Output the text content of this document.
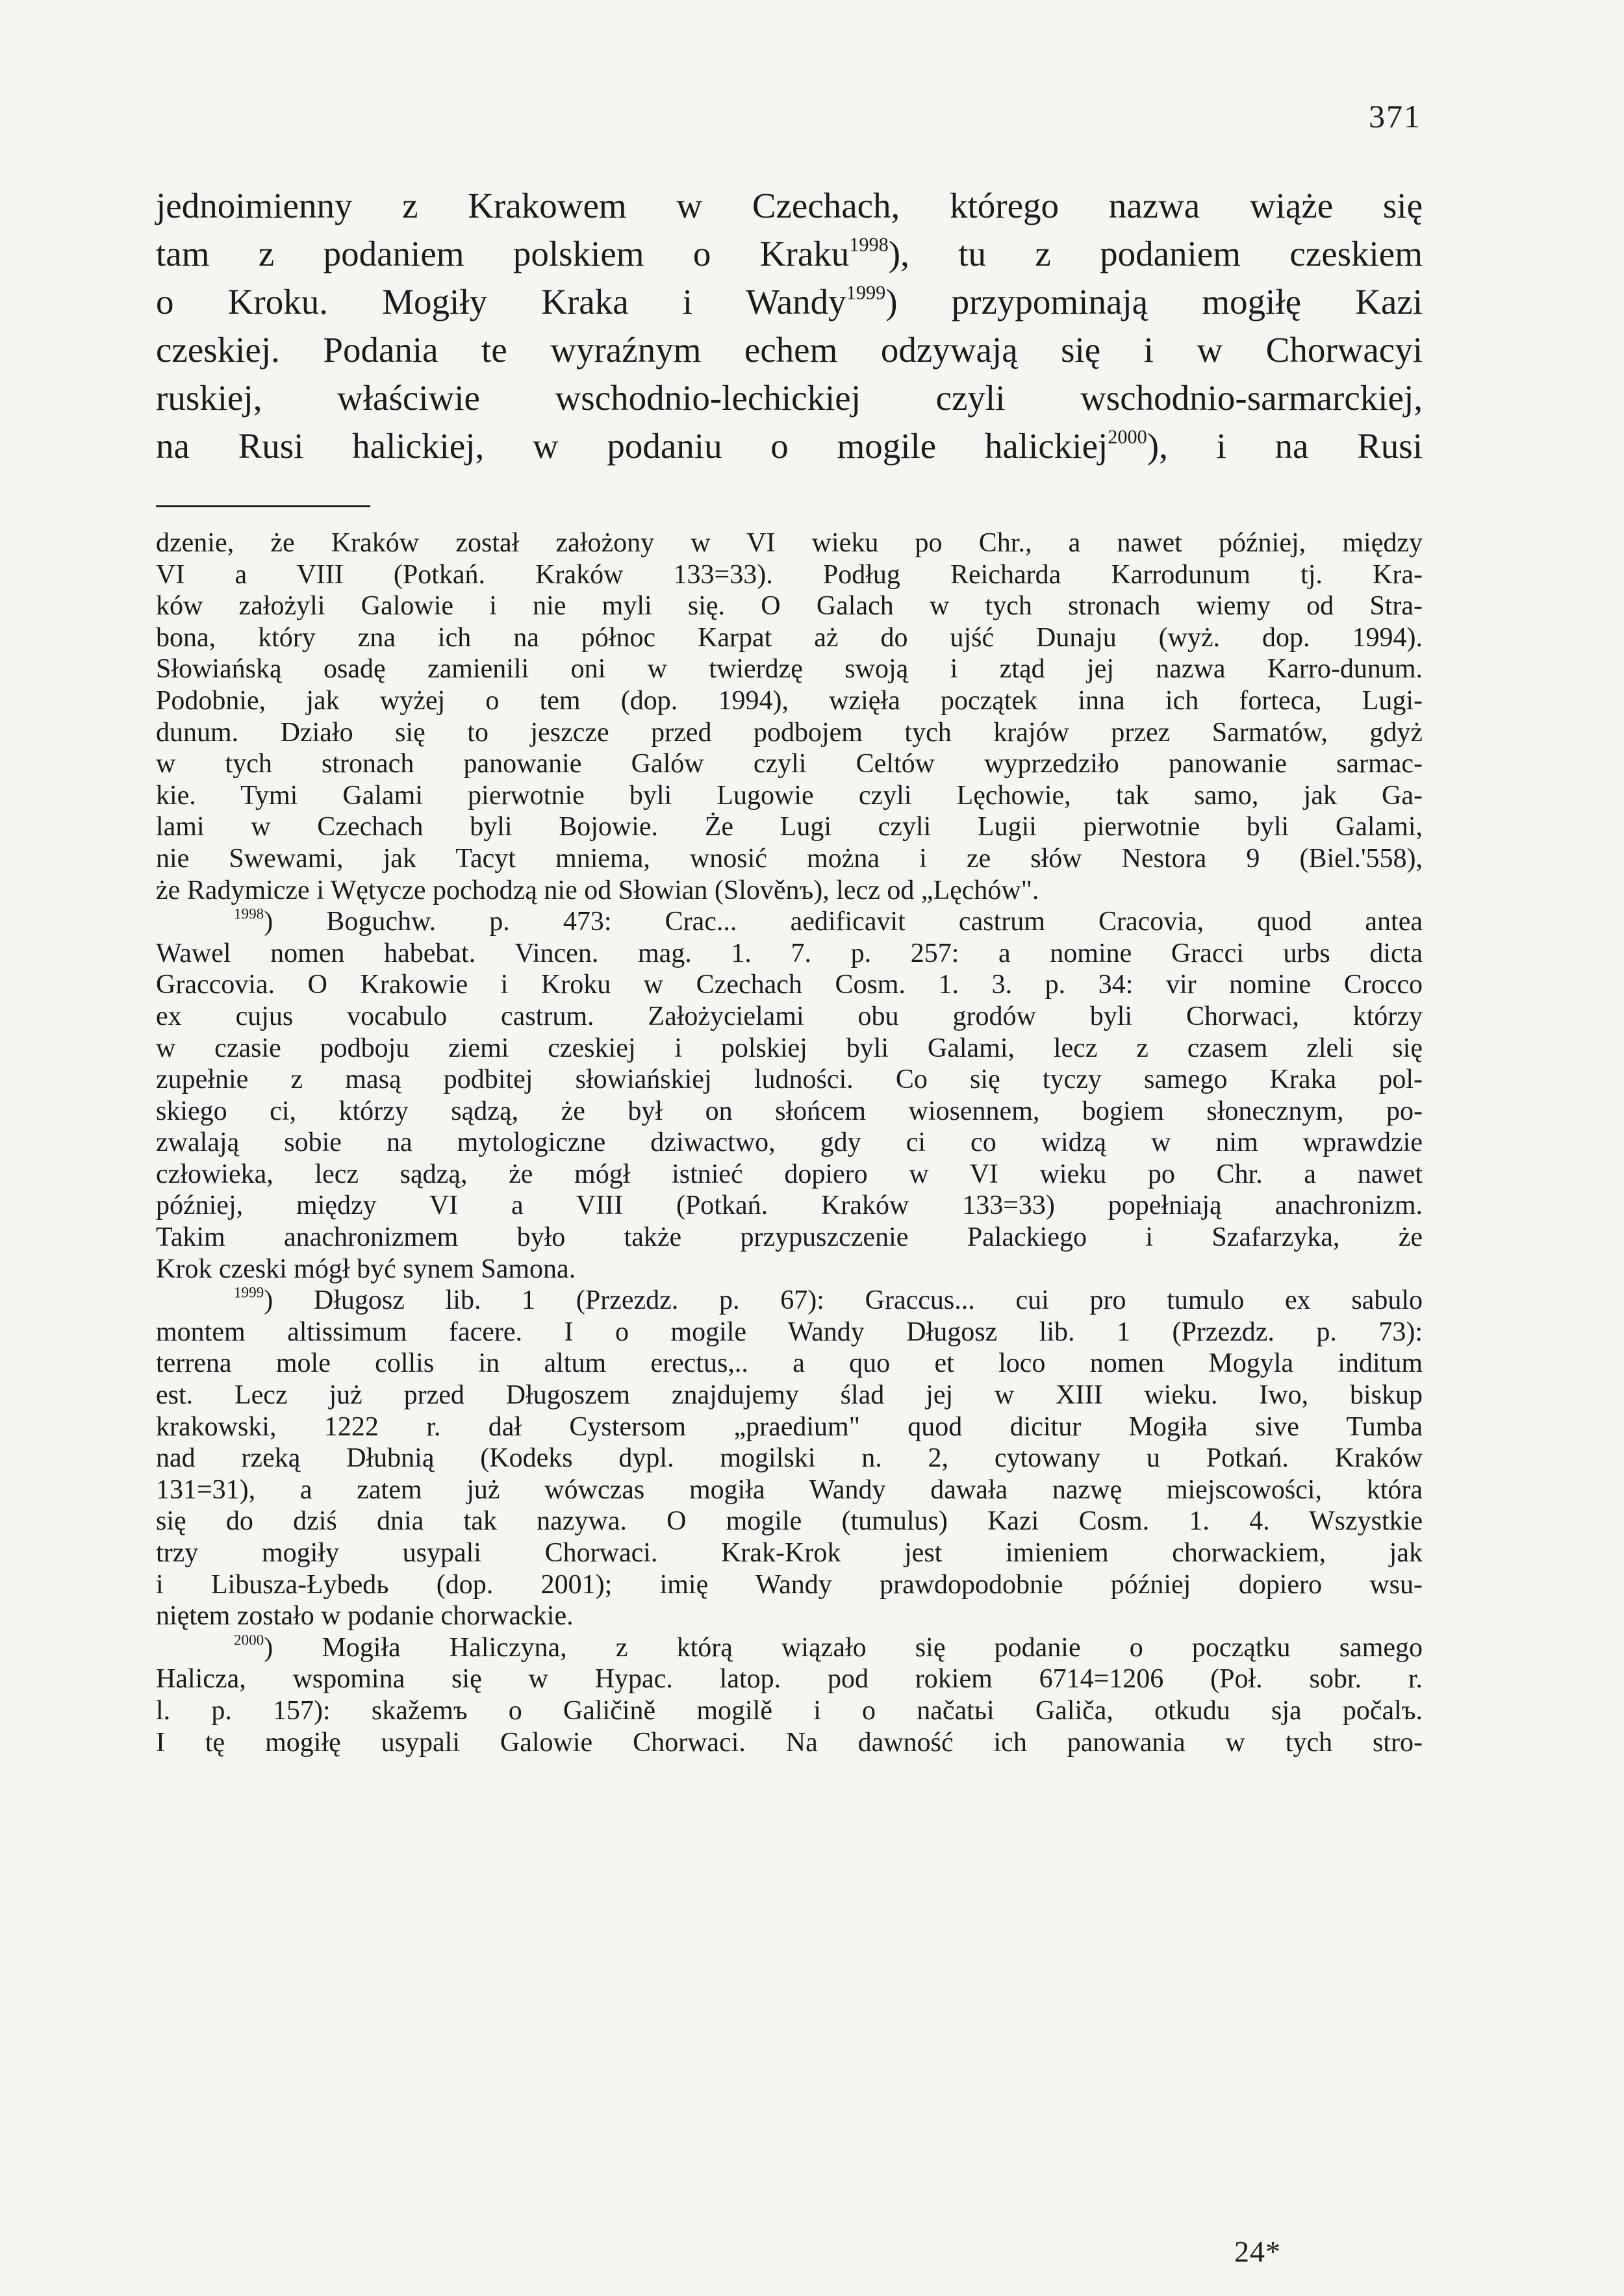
371

jednoimienny z Krakowem w Czechach, którego nazwa wiąże się

tam z podaniem polskiem o Kraku$^{1998}$), tu z podaniem czeskiem

o Kroku. Mogiły Kraka i Wandy$^{1999}$) przypominają mogiłę Kazi

czeskiej. Podania te wyraźnym echem odzywają się i w Chorwacyi

ruskiej, właściwie wschodnio-lechickiej czyli wschodnio-sarmarckiej,

na Rusi halickiej, w podaniu o mogile halickiej$^{2000}$), i na Rusi

dzenie, że Kraków został założony w VI wieku po Chr., a nawet później, między

VI a VIII (Potkań. Kraków 133=33). Podług Reicharda Karrodunum tj. Kra-

ków założyli Galowie i nie myli się. O Galach w tych stronach wiemy od Stra-

bona, który zna ich na północ Karpat aż do ujść Dunaju (wyż. dop. 1994).

Słowiańską osadę zamienili oni w twierdzę swoją i ztąd jej nazwa Karro-dunum.

Podobnie, jak wyżej o tem (dop. 1994), wzięła początek inna ich forteca, Lugi-

dunum. Działo się to jeszcze przed podbojem tych krajów przez Sarmatów, gdyż

w tych stronach panowanie Galów czyli Celtów wyprzedziło panowanie sarmac-

kie. Tymi Galami pierwotnie byli Lugowie czyli Lęchowie, tak samo, jak Ga-

lami w Czechach byli Bojowie. Że Lugi czyli Lugii pierwotnie byli Galami,

nie Swewami, jak Tacyt mniema, wnosić można i ze słów Nestora 9 (Biel.'558),

że Radymicze i Wętycze pochodzą nie od Słowian (Slověnъ), lecz od „Lęchów".

$^{1998}$) Boguchw. p. 473: Crac... aedificavit castrum Cracovia, quod antea

Wawel nomen habebat. Vincen. mag. 1. 7. p. 257: a nomine Gracci urbs dicta

Graccovia. O Krakowie i Kroku w Czechach Cosm. 1. 3. p. 34: vir nomine Crocco

ex cujus vocabulo castrum. Założycielami obu grodów byli Chorwaci, którzy

w czasie podboju ziemi czeskiej i polskiej byli Galami, lecz z czasem zleli się

zupełnie z masą podbitej słowiańskiej ludności. Co się tyczy samego Kraka pol-

skiego ci, którzy sądzą, że był on słońcem wiosennem, bogiem słonecznym, po-

zwalają sobie na mytologiczne dziwactwo, gdy ci co widzą w nim wprawdzie

człowieka, lecz sądzą, że mógł istnieć dopiero w VI wieku po Chr. a nawet

później, między VI a VIII (Potkań. Kraków 133=33) popełniają anachronizm.

Takim anachronizmem było także przypuszczenie Palackiego i Szafarzyka, że

Krok czeski mógł być synem Samona.

$^{1999}$) Długosz lib. 1 (Przezdz. p. 67): Graccus... cui pro tumulo ex sabulo

montem altissimum facere. I o mogile Wandy Długosz lib. 1 (Przezdz. p. 73):

terrena mole collis in altum erectus,.. a quo et loco nomen Mogyla inditum

est. Lecz już przed Długoszem znajdujemy ślad jej w XIII wieku. Iwo, biskup

krakowski, 1222 r. dał Cystersom „praedium" quod dicitur Mogiła sive Tumba

nad rzeką Dłubnią (Kodeks dypl. mogilski n. 2, cytowany u Potkań. Kraków

131=31), a zatem już wówczas mogiła Wandy dawała nazwę miejscowości, która

się do dziś dnia tak nazywa. O mogile (tumulus) Kazi Cosm. 1. 4. Wszystkie

trzy mogiły usypali Chorwaci. Krak-Krok jest imieniem chorwackiem, jak

i Libusza-Łybedь (dop. 2001); imię Wandy prawdopodobnie później dopiero wsu-

niętem zostało w podanie chorwackie.

$^{2000}$) Mogiła Haliczyna, z którą wiązało się podanie o początku samego

Halicza, wspomina się w Hypac. latop. pod rokiem 6714=1206 (Poł. sobr. r.

l. p. 157): skažemъ o Galičině mogilě i o načatьi Galiča, otkudu sja počalъ.

I tę mogiłę usypali Galowie Chorwaci. Na dawność ich panowania w tych stro-

24*
